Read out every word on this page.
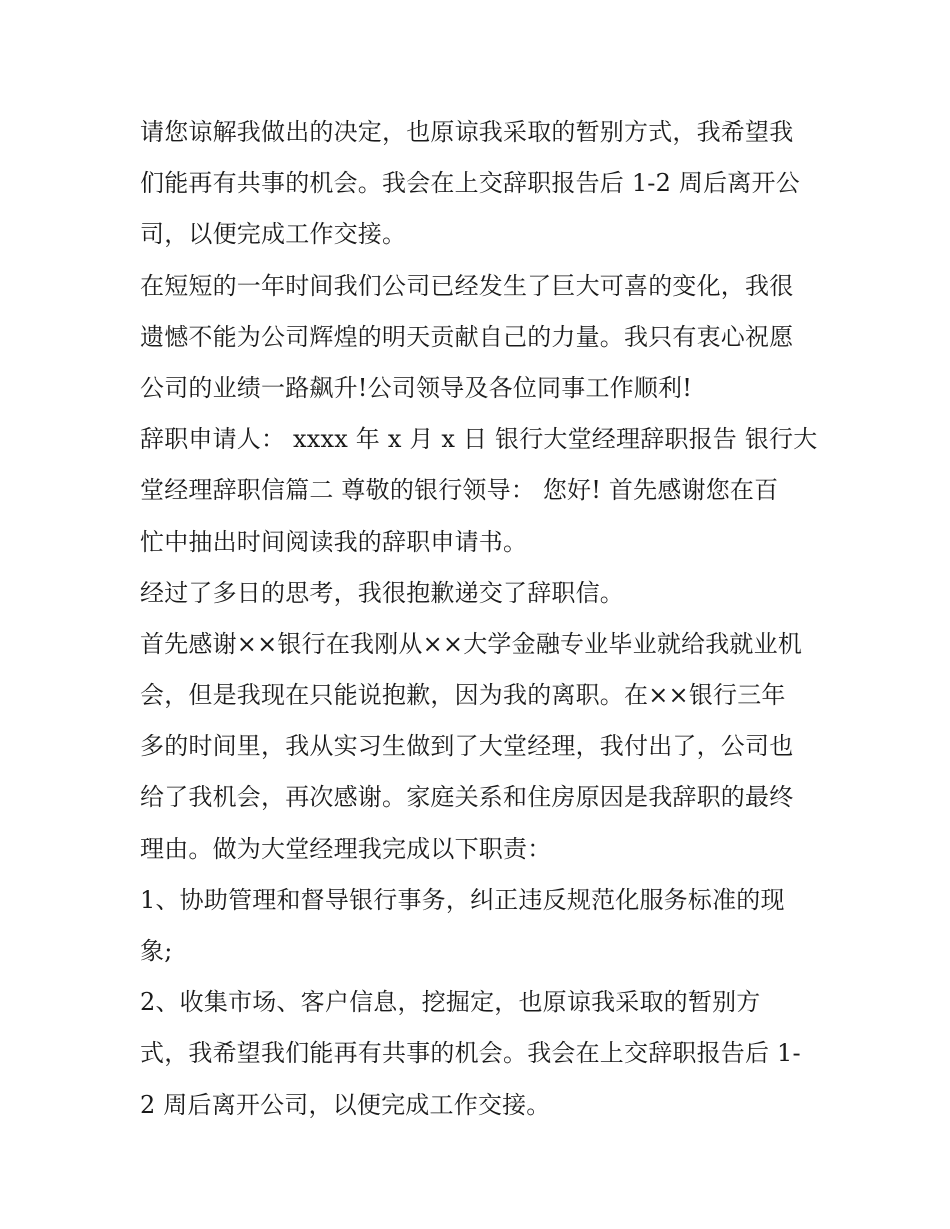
请您谅解我做出的决定，也原谅我采取的暂别方式，我希望我
们能再有共事的机会。我会在上交辞职报告后 1-2 周后离开公
司，以便完成工作交接。
在短短的一年时间我们公司已经发生了巨大可喜的变化，我很
遗憾不能为公司辉煌的明天贡献自己的力量。我只有衷心祝愿
公司的业绩一路飙升!公司领导及各位同事工作顺利!
辞职申请人： xxxx 年 x 月 x 日 银行大堂经理辞职报告 银行大
堂经理辞职信篇二 尊敬的银行领导： 您好! 首先感谢您在百
忙中抽出时间阅读我的辞职申请书。
经过了多日的思考，我很抱歉递交了辞职信。
首先感谢××银行在我刚从××大学金融专业毕业就给我就业机
会，但是我现在只能说抱歉，因为我的离职。在××银行三年
多的时间里，我从实习生做到了大堂经理，我付出了，公司也
给了我机会，再次感谢。家庭关系和住房原因是我辞职的最终
理由。做为大堂经理我完成以下职责：
1、协助管理和督导银行事务，纠正违反规范化服务标准的现
象;
2、收集市场、客户信息，挖掘定，也原谅我采取的暂别方
式，我希望我们能再有共事的机会。我会在上交辞职报告后 1-
2 周后离开公司，以便完成工作交接。
